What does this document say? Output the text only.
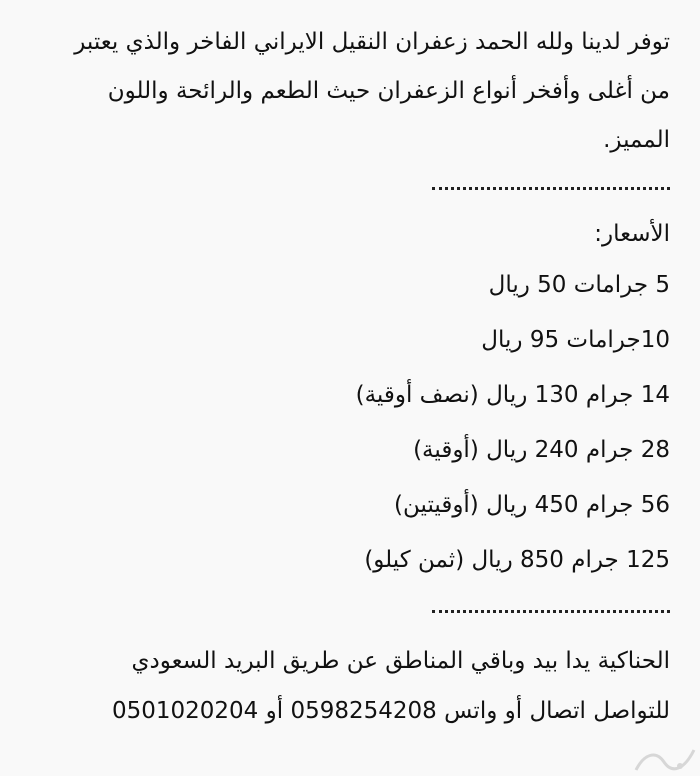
توفر لدينا ولله الحمد زعفران النقيل الايراني الفاخر والذي يعتبر من أغلى وأفخر أنواع الزعفران حيث الطعم والرائحة واللون المميز.

الأسعار:

5 جرامات 50 ريال
10جرامات 95 ريال
14 جرام 130 ريال (نصف أوقية)
28 جرام 240 ريال (أوقية)
56 جرام 450 ريال (أوقيتين)
125 جرام 850 ريال (ثمن كيلو)

الحناكية يدا بيد وباقي المناطق عن طريق البريد السعودي

للتواصل اتصال أو واتس 0598254208 أو 0501020204
